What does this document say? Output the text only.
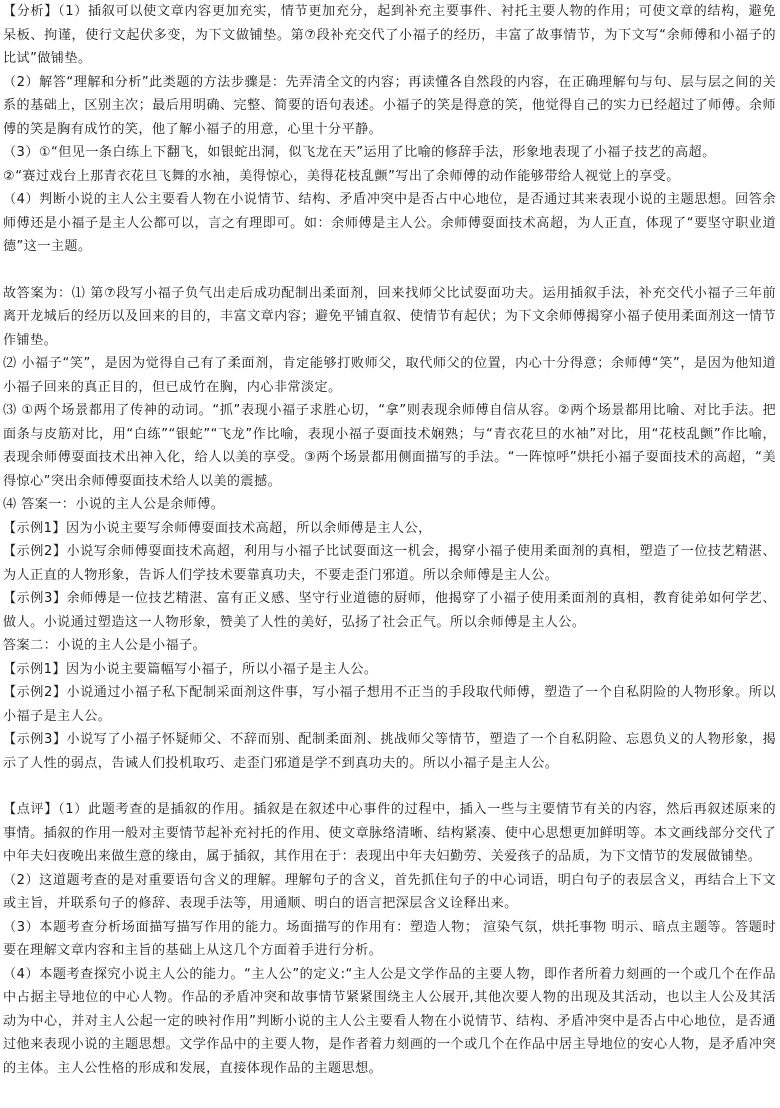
【分析】（1）插叙可以使文章内容更加充实，情节更加充分，起到补充主要事件、衬托主要人物的作用；可使文章的结构，避免呆板、拘谨，使行文起伏多变，为下文做铺垫。第⑦段补充交代了小福子的经历，丰富了故事情节，为下文写“余师傅和小福子的比试”做铺垫。

（2）解答“理解和分析”此类题的方法步骤是：先弄清全文的内容；再读懂各自然段的内容，在正确理解句与句、层与层之间的关系的基础上，区别主次；最后用明确、完整、简要的语句表述。小福子的笑是得意的笑，他觉得自己的实力已经超过了师傅。余师傅的笑是胸有成竹的笑，他了解小福子的用意，心里十分平静。

（3）①“但见一条白练上下翻飞，如银蛇出洞，似飞龙在天”运用了比喻的修辞手法，形象地表现了小福子技艺的高超。

②“赛过戏台上那青衣花旦飞舞的水袖，美得惊心，美得花枝乱颤”写出了余师傅的动作能够带给人视觉上的享受。

（4）判断小说的主人公主要看人物在小说情节、结构、矛盾冲突中是否占中心地位，是否通过其来表现小说的主题思想。回答余师傅还是小福子是主人公都可以，言之有理即可。如：余师傅是主人公。余师傅耍面技术高超，为人正直，体现了“要坚守职业道德”这一主题。

故答案为：⑴ 第⑦段写小福子负气出走后成功配制出柔面剂，回来找师父比试耍面功夫。运用插叙手法，补充交代小福子三年前离开龙城后的经历以及回来的目的，丰富文章内容；避免平铺直叙、使情节有起伏；为下文余师傅揭穿小福子使用柔面剂这一情节作铺垫。

⑵ 小福子“笑”，是因为觉得自己有了柔面剂，肯定能够打败师父，取代师父的位置，内心十分得意；余师傅“笑”，是因为他知道小福子回来的真正目的，但已成竹在胸，内心非常淡定。

⑶ ①两个场景都用了传神的动词。“抓”表现小福子求胜心切，“拿”则表现余师傅自信从容。②两个场景都用比喻、对比手法。把面条与皮筋对比，用“白练”“银蛇”“飞龙”作比喻，表现小福子耍面技术娴熟；与“青衣花旦的水袖”对比，用“花枝乱颤”作比喻，表现余师傅耍面技术出神入化，给人以美的享受。③两个场景都用侧面描写的手法。“一阵惊呼”烘托小福子耍面技术的高超，“美得惊心”突出余师傅耍面技术给人以美的震撼。

⑷ 答案一：小说的主人公是余师傅。

【示例1】因为小说主要写余师傅耍面技术高超，所以余师傅是主人公，

【示例2】小说写余师傅耍面技术高超，利用与小福子比试耍面这一机会，揭穿小福子使用柔面剂的真相，塑造了一位技艺精湛、为人正直的人物形象，告诉人们学技术要靠真功夫，不要走歪门邪道。所以余师傅是主人公。

【示例3】余师傅是一位技艺精湛、富有正义感、坚守行业道德的厨师，他揭穿了小福子使用柔面剂的真相，教育徒弟如何学艺、做人。小说通过塑造这一人物形象，赞美了人性的美好，弘扬了社会正气。所以余师傅是主人公。

答案二：小说的主人公是小福子。

【示例1】因为小说主要篇幅写小福子，所以小福子是主人公。

【示例2】小说通过小福子私下配制采面剂这件事，写小福子想用不正当的手段取代师傅，塑造了一个自私阴险的人物形象。所以小福子是主人公。

【示例3】小说写了小福子怀疑师父、不辞而别、配制柔面剂、挑战师父等情节，塑造了一个自私阴险、忘恩负义的人物形象，揭示了人性的弱点，告诫人们投机取巧、走歪门邪道是学不到真功夫的。所以小福子是主人公。

【点评】（1）此题考查的是插叙的作用。插叙是在叙述中心事件的过程中，插入一些与主要情节有关的内容，然后再叙述原来的事情。插叙的作用一般对主要情节起补充衬托的作用、使文章脉络清晰、结构紧凑、使中心思想更加鲜明等。本文画线部分交代了中年夫妇夜晚出来做生意的缘由，属于插叙，其作用在于：表现出中年夫妇勤劳、关爱孩子的品质，为下文情节的发展做铺垫。

（2）这道题考查的是对重要语句含义的理解。理解句子的含义，首先抓住句子的中心词语，明白句子的表层含义，再结合上下文或主旨，并联系句子的修辞、表现手法等，用通顺、明白的语言把深层含义诠释出来。

（3）本题考查分析场面描写描写作用的能力。场面描写的作用有：塑造人物； 渲染气氛，烘托事物 明示、暗点主题等。答题时要在理解文章内容和主旨的基础上从这几个方面着手进行分析。

（4）本题考查探究小说主人公的能力。“主人公”的定义:“主人公是文学作品的主要人物，即作者所着力刻画的一个或几个在作品中占据主导地位的中心人物。作品的矛盾冲突和故事情节紧紧围绕主人公展开,其他次要人物的出现及其活动，也以主人公及其活动为中心，并对主人公起一定的映衬作用”判断小说的主人公主要看人物在小说情节、结构、矛盾冲突中是否占中心地位，是否通过他来表现小说的主题思想。文学作品中的主要人物，是作者着力刻画的一个或几个在作品中居主导地位的安心人物，是矛盾冲突的主体。主人公性格的形成和发展，直接体现作品的主题思想。
